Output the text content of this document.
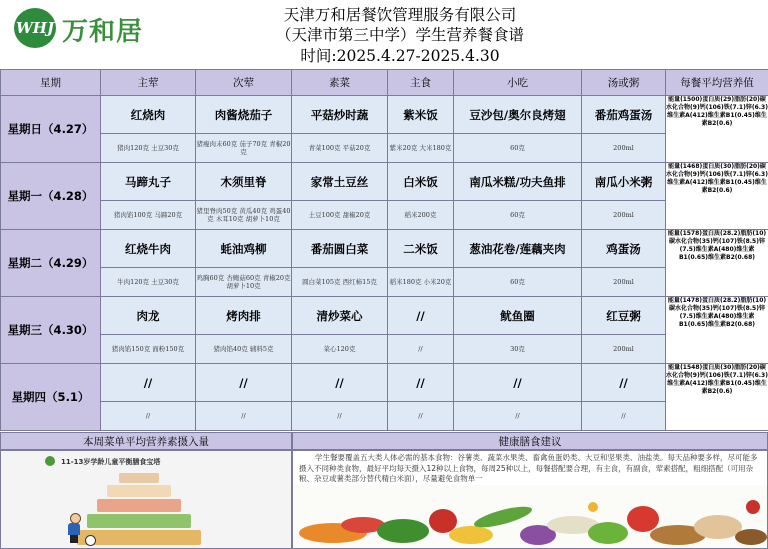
WHJ 万和居
天津万和居餐饮管理服务有限公司
（天津市第三中学）学生营养餐食谱
时间:2025.4.27-2025.4.30
星期	主荤	次荤	素菜	主食	小吃	汤或粥	每餐平均营养值
星期日（4.27）	红烧肉	肉酱烧茄子	平菇炒时蔬	紫米饭	豆沙包/奥尔良烤翅	番茄鸡蛋汤	能量(1500)蛋白质(29)脂肪(20)碳水化合物(9)钙(106)铁(7.1)锌(6.3)维生素A(412)维生素B1(0.45)维生素B2(0.6)
	猪肉120克 土豆30克	猪瘦肉末60克 茄子70克 青椒20克	青菜100克 平菇20克	紫米20克 大米180克	60克	200ml	
星期一（4.28）	马蹄丸子	木须里脊	家常土豆丝	白米饭	南瓜米糕/功夫鱼排	南瓜小米粥	能量(1468)蛋白质(30)脂肪(20)碳水化合物(9)钙(106)铁(7.1)锌(6.3)维生素A(412)维生素B1(0.45)维生素B2(0.6)
	猪肉馅100克 马蹄20克	猪里脊肉50克 黄瓜40克 鸡蛋40克 木耳10克 胡萝卜10克	土豆100克 甜椒20克	稻米200克	60克	200ml	
星期二（4.29）	红烧牛肉	蚝油鸡柳	番茄圆白菜	二米饭	葱油花卷/莲藕夹肉	鸡蛋汤	能量(1578)蛋白质(28.2)脂肪(10)碳水化合物(35)钙(107)铁(8.5)锌(7.5)维生素A(480)维生素B1(0.65)维生素B2(0.68)
	牛肉120克 土豆30克	鸡胸60克 杏鲍菇60克 青椒20克 胡萝卜10克	圆白菜105克 西红柿15克	稻米180克 小米20克	60克	200ml	
星期三（4.30）	肉龙	烤肉排	清炒菜心	//	鱿鱼圈	红豆粥	能量(1478)蛋白质(28.2)脂肪(10)碳水化合物(35)钙(107)铁(8.5)锌(7.5)维生素A(480)维生素B1(0.65)维生素B2(0.68)
	猪肉馅150克 面粉150克	猪肉馅40克 辅料5克	菜心120克	//	30克	200ml	
星期四（5.1）	//	//	//	//	//	//	能量(1548)蛋白质(30)脂肪(20)碳水化合物(9)钙(106)铁(7.1)锌(6.3)维生素A(412)维生素B1(0.45)维生素B2(0.6)
	//	//	//	//	//	//	
本周菜单平均营养素摄入量	健康膳食建议
11-13岁学龄儿童平衡膳食宝塔	学生餐要覆盖五大类人体必需的基本食物：谷薯类、蔬菜水果类、畜禽鱼蛋奶类、大豆和坚果类、油盐类。每天品种要多样，尽可能多摄入不同种类食物，最好平均每天摄入12种以上食物，每周25种以上，每餐搭配要合理，有主食，有副食，荤素搭配，粗细搭配（可用杂粮、杂豆或薯类部分替代精白米面），尽量避免食物单一
